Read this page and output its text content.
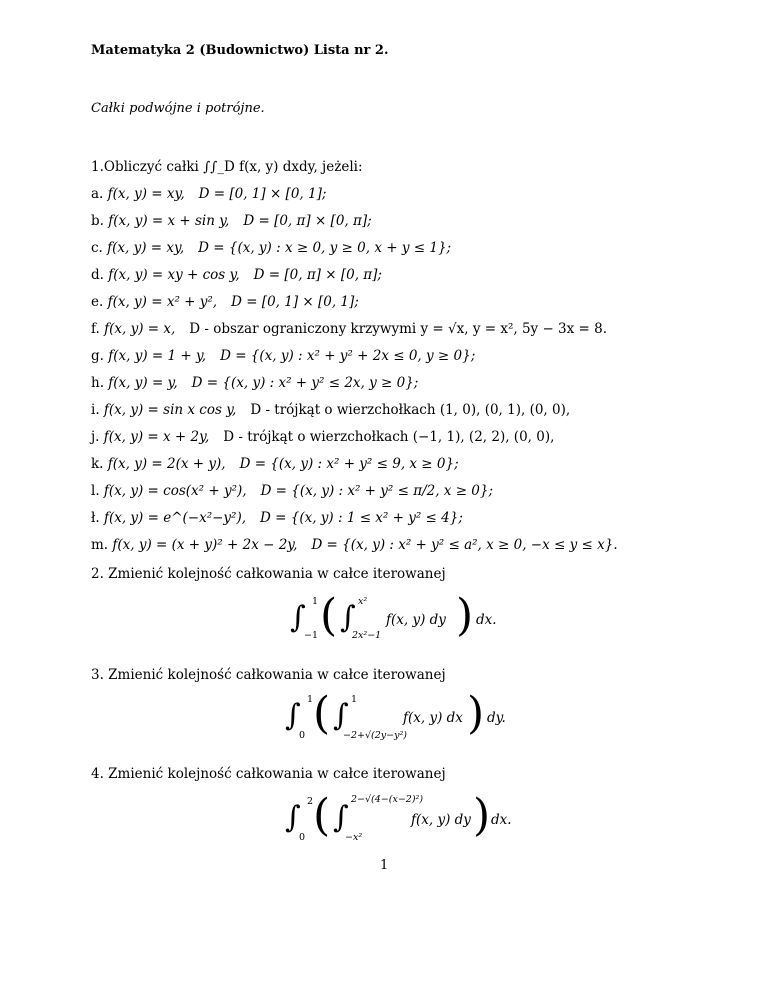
Matematyka 2 (Budownictwo) Lista nr 2.
Całki podwójne i potrójne.
1.Obliczyć całki ∫∫_D f(x, y) dxdy, jeżeli:
a. f(x, y) = xy, D = [0, 1] × [0, 1];
b. f(x, y) = x + sin y, D = [0, π] × [0, π];
c. f(x, y) = xy, D = {(x, y) : x ≥ 0, y ≥ 0, x + y ≤ 1};
d. f(x, y) = xy + cos y, D = [0, π] × [0, π];
e. f(x, y) = x² + y², D = [0, 1] × [0, 1];
f. f(x, y) = x, D - obszar ograniczony krzywymi y = √x, y = x², 5y − 3x = 8.
g. f(x, y) = 1 + y, D = {(x, y) : x² + y² + 2x ≤ 0, y ≥ 0};
h. f(x, y) = y, D = {(x, y) : x² + y² ≤ 2x, y ≥ 0};
i. f(x, y) = sin x cos y, D - trójkąt o wierzchołkach (1, 0), (0, 1), (0, 0),
j. f(x, y) = x + 2y, D - trójkąt o wierzchołkach (−1, 1), (2, 2), (0, 0),
k. f(x, y) = 2(x + y), D = {(x, y) : x² + y² ≤ 9, x ≥ 0};
l. f(x, y) = cos(x² + y²), D = {(x, y) : x² + y² ≤ π/2, x ≥ 0};
ł. f(x, y) = e^(−x²−y²), D = {(x, y) : 1 ≤ x² + y² ≤ 4};
m. f(x, y) = (x + y)² + 2x − 2y, D = {(x, y) : x² + y² ≤ a², x ≥ 0, −x ≤ y ≤ x}.
2. Zmienić kolejność całkowania w całce iterowanej
∫ 1
−1 ( ∫ x²
2x²−1
f(x, y) dy ) dx.
3. Zmienić kolejność całkowania w całce iterowanej
∫ 1
0 ( ∫ 1
−2+√(2y−y²)
f(x, y) dx ) dy.
4. Zmienić kolejność całkowania w całce iterowanej
∫ 2
0 ( ∫
2−√(4−(x−2)²)
−x²
f(x, y) dy ) dx.
1
